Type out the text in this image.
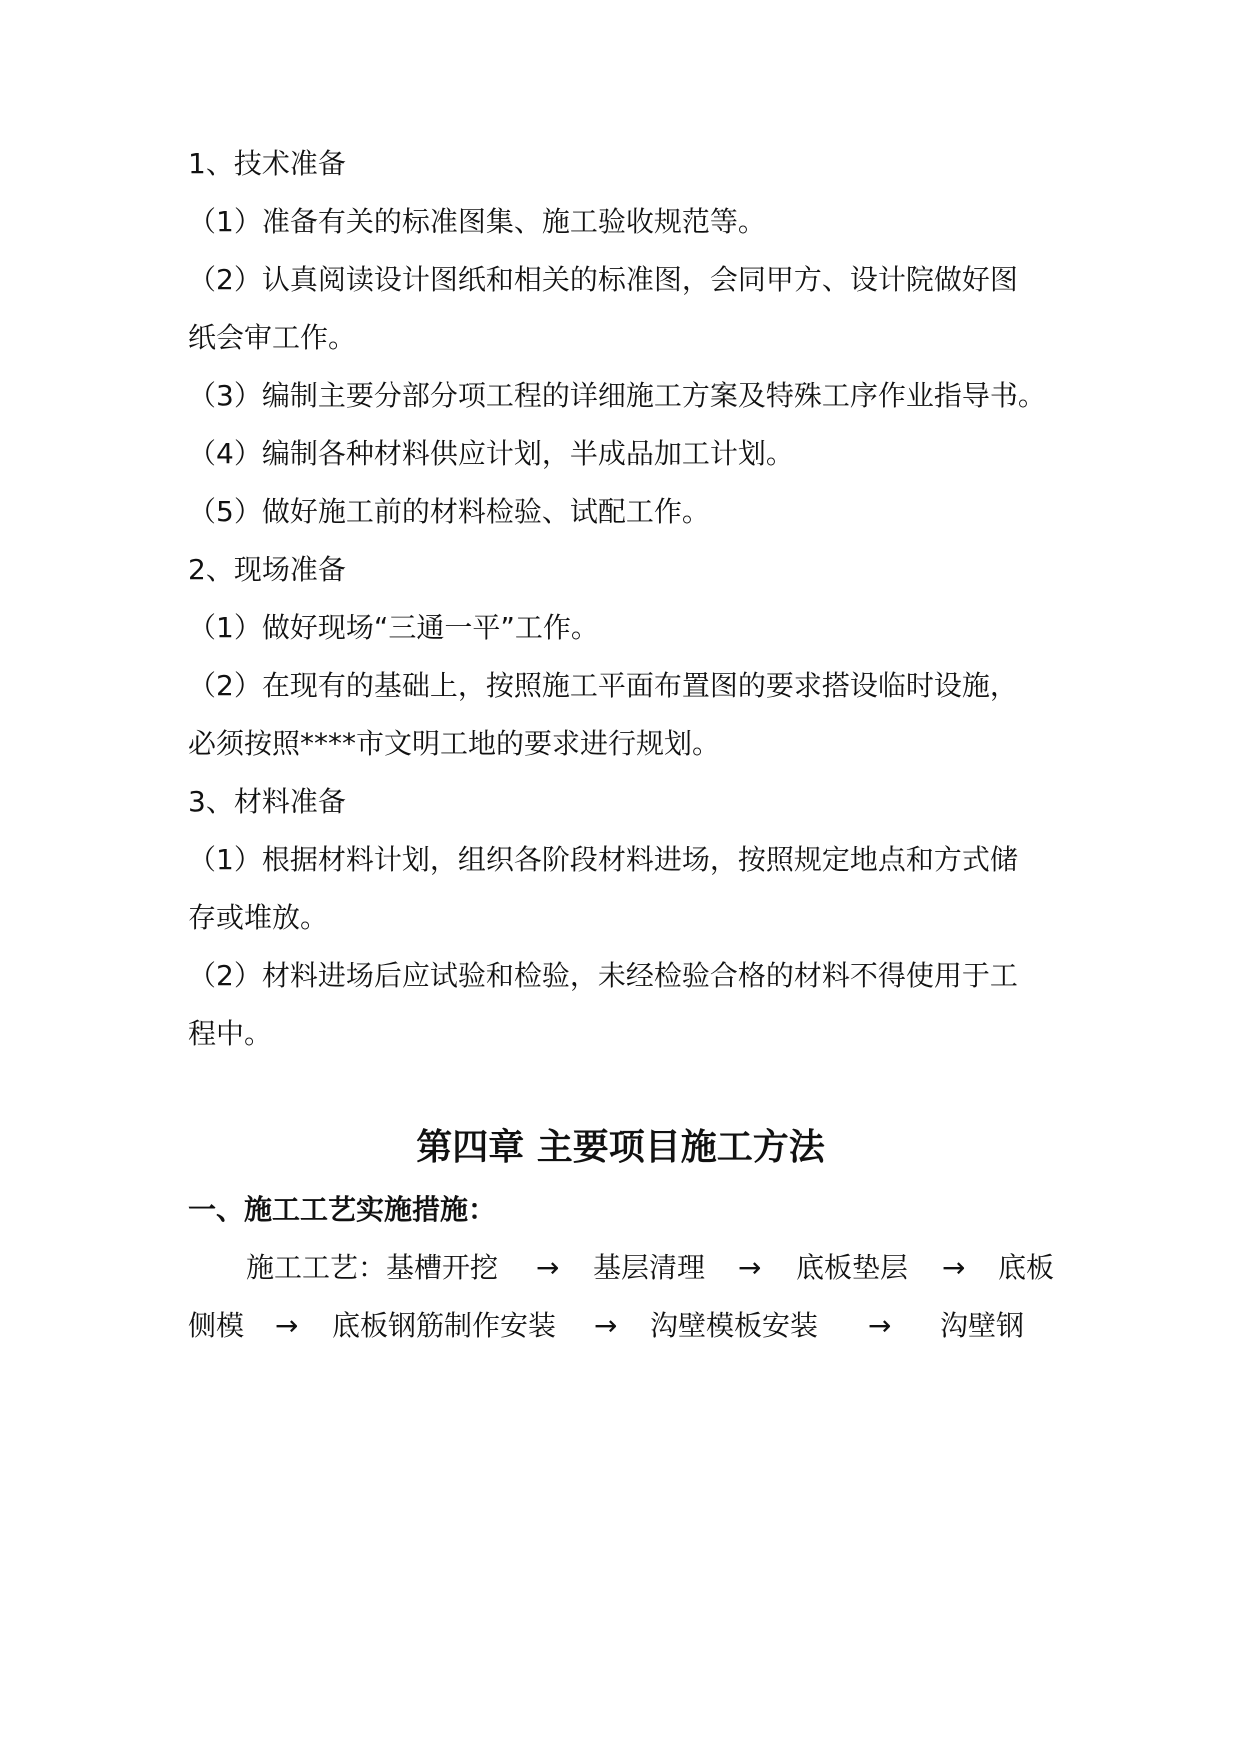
1、技术准备
（1）准备有关的标准图集、施工验收规范等。
（2）认真阅读设计图纸和相关的标准图，会同甲方、设计院做好图
纸会审工作。
（3）编制主要分部分项工程的详细施工方案及特殊工序作业指导书。
（4）编制各种材料供应计划，半成品加工计划。
（5）做好施工前的材料检验、试配工作。
2、现场准备
（1）做好现场“三通一平”工作。
（2）在现有的基础上，按照施工平面布置图的要求搭设临时设施，
必须按照****市文明工地的要求进行规划。
3、材料准备
（1）根据材料计划，组织各阶段材料进场，按照规定地点和方式储
存或堆放。
（2）材料进场后应试验和检验，未经检验合格的材料不得使用于工
程中。
第四章 主要项目施工方法
一、施工工艺实施措施：
施工工艺：基槽开挖 → 基层清理 → 底板垫层 → 底板
侧模 → 底板钢筋制作安装 → 沟壁模板安装 → 沟壁钢
